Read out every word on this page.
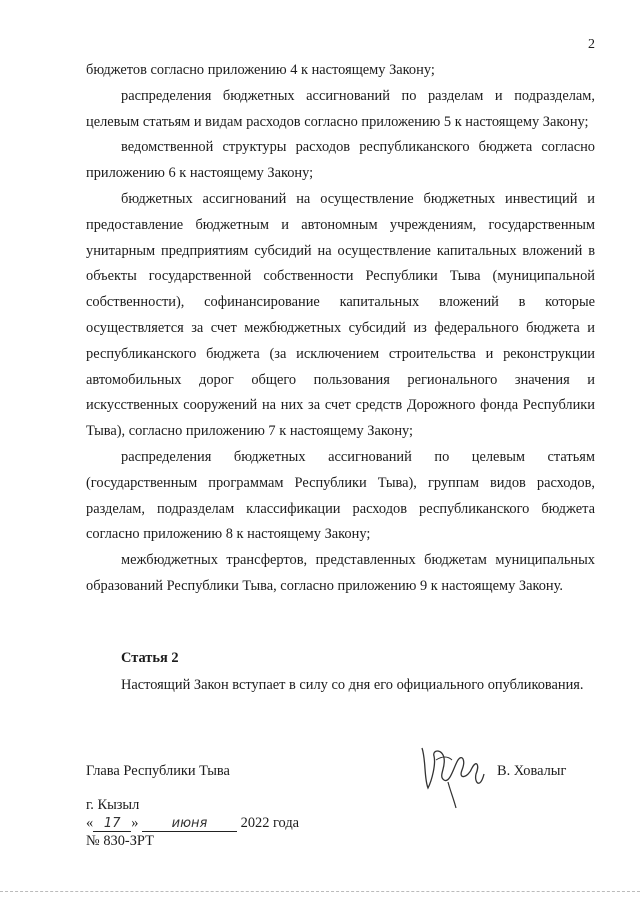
2

бюджетов согласно приложению 4 к настоящему Закону;

распределения бюджетных ассигнований по разделам и подразделам, целевым статьям и видам расходов согласно приложению 5 к настоящему Закону;

ведомственной структуры расходов республиканского бюджета согласно приложению 6 к настоящему Закону;

бюджетных ассигнований на осуществление бюджетных инвестиций и предоставление бюджетным и автономным учреждениям, государственным унитарным предприятиям субсидий на осуществление капитальных вложений в объекты государственной собственности Республики Тыва (муниципальной собственности), софинансирование капитальных вложений в которые осуществляется за счет межбюджетных субсидий из федерального бюджета и республиканского бюджета (за исключением строительства и реконструкции автомобильных дорог общего пользования регионального значения и искусственных сооружений на них за счет средств Дорожного фонда Республики Тыва), согласно приложению 7 к настоящему Закону;

распределения бюджетных ассигнований по целевым статьям (государственным программам Республики Тыва), группам видов расходов, разделам, подразделам классификации расходов республиканского бюджета согласно приложению 8 к настоящему Закону;

межбюджетных трансфертов, представленных бюджетам муниципальных образований Республики Тыва, согласно приложению 9 к настоящему Закону.

Статья 2

Настоящий Закон вступает в силу со дня его официального опубликования.

Глава Республики Тыва	В. Ховалыг
г. Кызыл
« 17 »	июня 2022 года
№ 830-ЗРТ
